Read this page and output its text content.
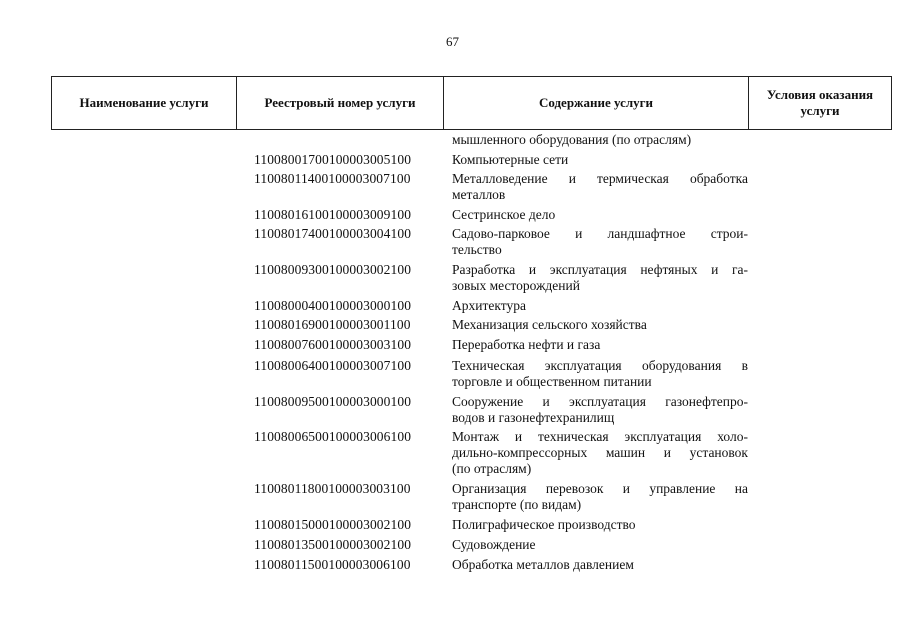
67
Наименование услуги	Реестровый номер услуги	Содержание услуги	Условия оказания услуги
мышленного оборудования (по отраслям)
11008001700100003005100	Компьютерные сети
11008011400100003007100	Металловедение и термическая обработка
металлов
11008016100100003009100	Сестринское дело
11008017400100003004100	Садово-парковое и ландшафтное строи-
тельство
11008009300100003002100	Разработка и эксплуатация нефтяных и га-
зовых месторождений
11008000400100003000100	Архитектура
11008016900100003001100	Механизация сельского хозяйства
11008007600100003003100	Переработка нефти и газа
11008006400100003007100	Техническая эксплуатация оборудования в
торговле и общественном питании
11008009500100003000100	Сооружение и эксплуатация газонефтепро-
водов и газонефтехранилищ
11008006500100003006100	Монтаж и техническая эксплуатация холо-
дильно-компрессорных машин и установок
(по отраслям)
11008011800100003003100	Организация перевозок и управление на
транспорте (по видам)
11008015000100003002100	Полиграфическое производство
11008013500100003002100	Судовождение
11008011500100003006100	Обработка металлов давлением
